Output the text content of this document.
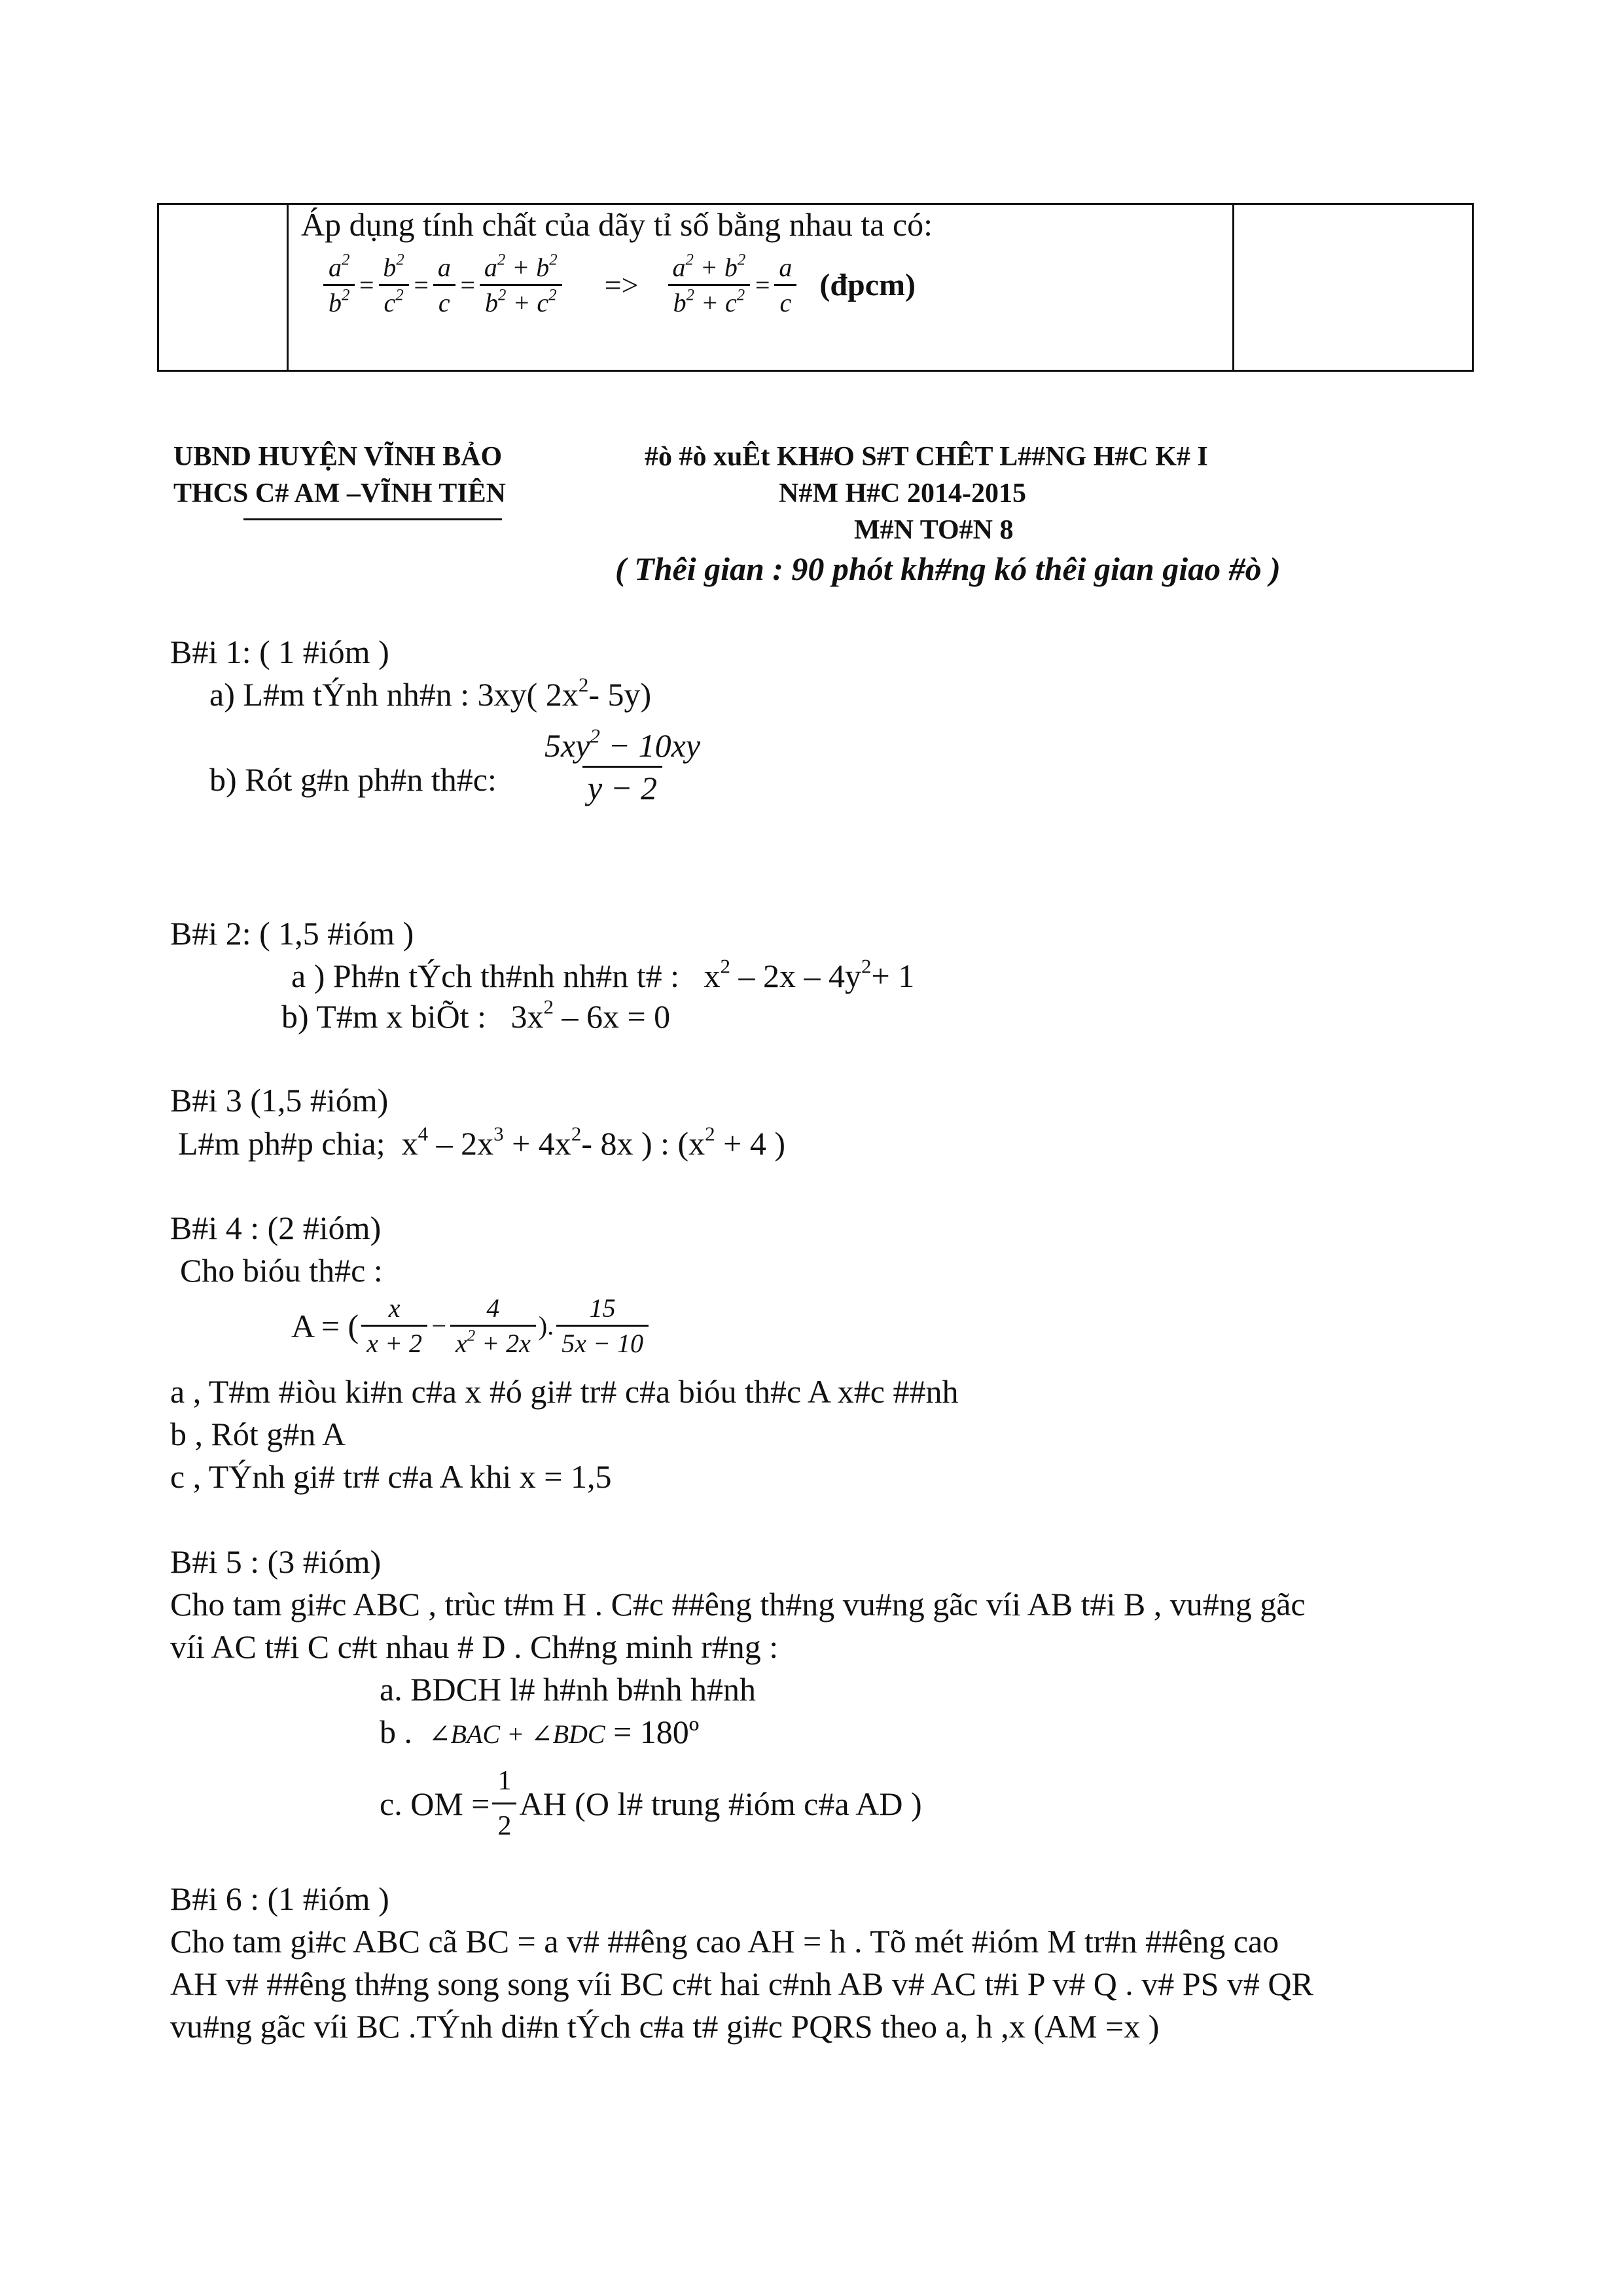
Áp dụng tính chất của dãy tỉ số bằng nhau ta có:
$\frac{a^2}{b^2} = \frac{b^2}{c^2} = \frac{a}{c} = \frac{a^2 + b^2}{b^2 + c^2} => \frac{a^2 + b^2}{b^2 + c^2} = \frac{a}{c}$ (đpcm)
UBND HUYỆN VĨNH BẢO
THCS C# AM –VĨNH TIÊN
#ò #ò xuÊt KH#O S#T CHÊT L##NG H#C K# I
N#M H#C 2014-2015
M#N TO#N 8
( Thêi gian : 90 phót kh#ng kó thêi gian giao #ò )
B#i 1: ( 1 #ióm )
a) L#m tÝnh nh#n : 3xy( $2x^2-$ 5y)
b) Rót g#n ph#n th#c: $\frac{5xy^2 - 10xy}{y - 2}$
B#i 2: ( 1,5 #ióm )
a ) Ph#n tÝch th#nh nh#n t# :   $x^2 - 2x - 4y^2+ 1$
b) T#m x biÕt :   $3x^2 - 6x = 0$
B#i 3 (1,5 #ióm)
L#m ph#p chia;  $x^4 - 2x^3 + 4x^2-$ 8x ) : ($x^2 + 4$ )
B#i 4 : (2 #ióm)
Cho bióu th#c :
A = ( $\frac{x}{x + 2} - \frac{4}{x^2 + 2x}$ ). $\frac{15}{5x - 10}$
a , T#m #iòu ki#n c#a x #ó gi# tr# c#a bióu th#c A x#c ##nh
b , Rót g#n A
c , TÝnh gi# tr# c#a A khi x = 1,5
B#i 5 : (3 #ióm)
Cho tam gi#c ABC , trùc t#m H . C#c ##êng th#ng vu#ng gãc víi AB t#i B , vu#ng gãc
víi AC t#i C c#t nhau # D . Ch#ng minh r#ng :
a. BDCH l# h#nh b#nh h#nh
b . ∠BAC + ∠BDC = 180º
c. OM = $\frac{1}{2}$ AH (O l# trung #ióm c#a AD )
B#i 6 : (1 #ióm )
Cho tam gi#c ABC cã BC = a v# ##êng cao AH = h . Tõ mét #ióm M tr#n ##êng cao
AH v# ##êng th#ng song song víi BC c#t hai c#nh AB v# AC t#i P v# Q . v# PS v# QR
vu#ng gãc víi BC .TÝnh di#n tÝch c#a t# gi#c PQRS theo a, h ,x (AM =x )
